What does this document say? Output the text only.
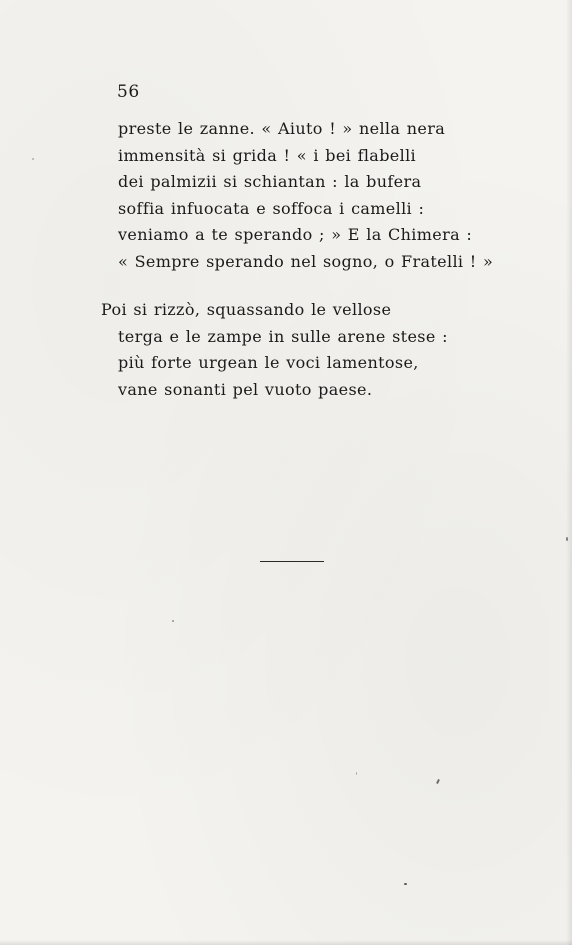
56
preste le zanne. « Aiuto ! » nella nera
immensità si grida ! « i bei flabelli
dei palmizii si schiantan : la bufera
soffia infuocata e soffoca i camelli :
veniamo a te sperando ; » E la Chimera :
« Sempre sperando nel sogno, o Fratelli ! »
Poi si rizzò, squassando le vellose
terga e le zampe in sulle arene stese :
più forte urgean le voci lamentose,
vane sonanti pel vuoto paese.
